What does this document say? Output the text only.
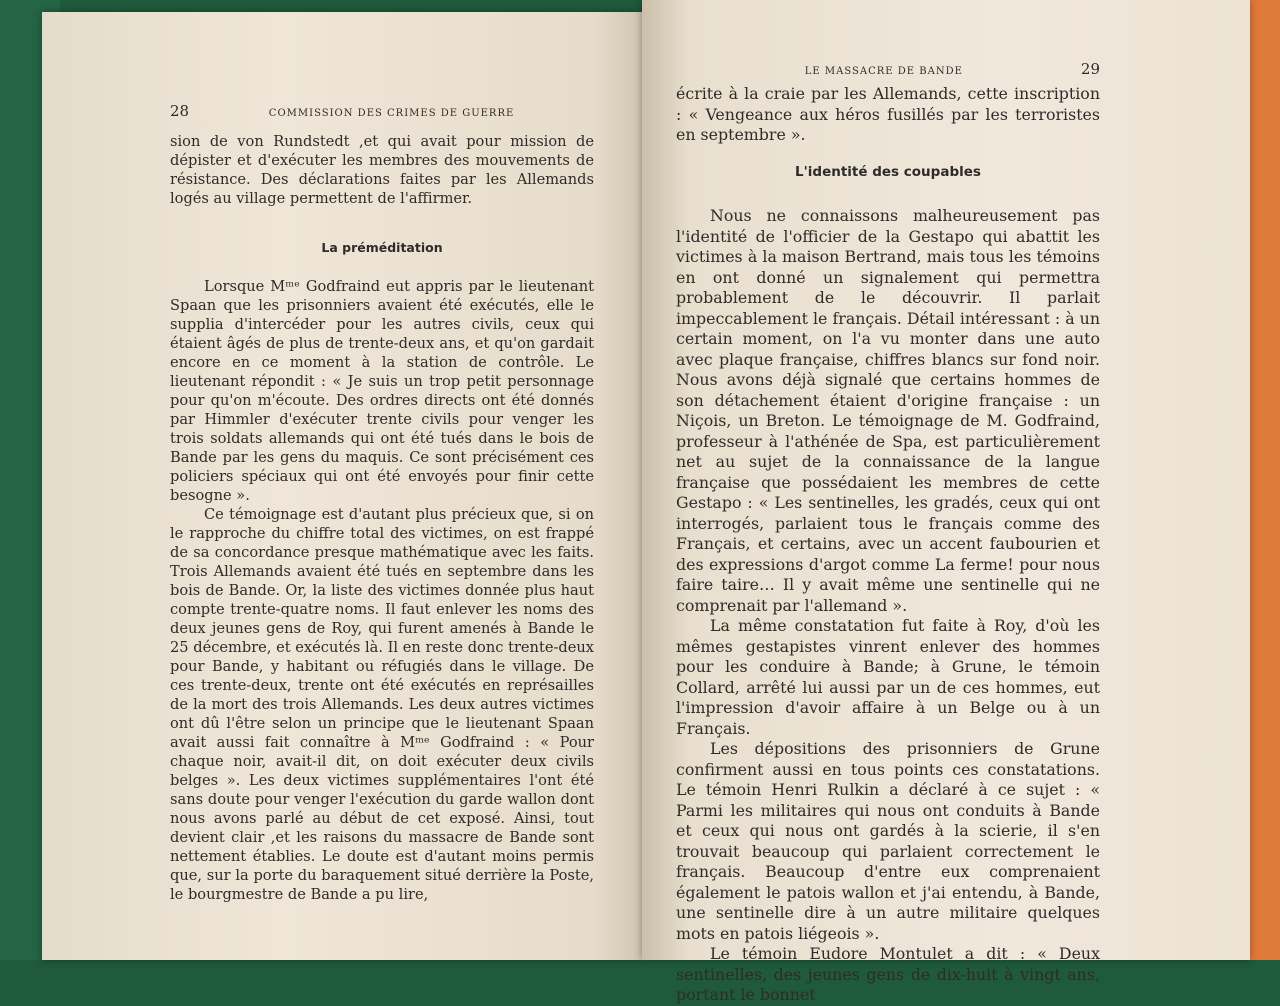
28	COMMISSION DES CRIMES DE GUERRE

sion de von Rundstedt ,et qui avait pour mission de dépister et d'exécuter les membres des mouvements de résistance. Des déclarations faites par les Allemands logés au village permettent de l'affirmer.

La préméditation

Lorsque Mᵐᵉ Godfraind eut appris par le lieutenant Spaan que les prisonniers avaient été exécutés, elle le supplia d'intercéder pour les autres civils, ceux qui étaient âgés de plus de trente-deux ans, et qu'on gardait encore en ce moment à la station de contrôle. Le lieutenant répondit : « Je suis un trop petit personnage pour qu'on m'écoute. Des ordres directs ont été donnés par Himmler d'exécuter trente civils pour venger les trois soldats allemands qui ont été tués dans le bois de Bande par les gens du maquis. Ce sont précisément ces policiers spéciaux qui ont été envoyés pour finir cette besogne ».

Ce témoignage est d'autant plus précieux que, si on le rapproche du chiffre total des victimes, on est frappé de sa concordance presque mathématique avec les faits. Trois Allemands avaient été tués en septembre dans les bois de Bande. Or, la liste des victimes donnée plus haut compte trente-quatre noms. Il faut enlever les noms des deux jeunes gens de Roy, qui furent amenés à Bande le 25 décembre, et exécutés là. Il en reste donc trente-deux pour Bande, y habitant ou réfugiés dans le village. De ces trente-deux, trente ont été exécutés en représailles de la mort des trois Allemands. Les deux autres victimes ont dû l'être selon un principe que le lieutenant Spaan avait aussi fait connaître à Mᵐᵉ Godfraind : « Pour chaque noir, avait-il dit, on doit exécuter deux civils belges ». Les deux victimes supplémentaires l'ont été sans doute pour venger l'exécution du garde wallon dont nous avons parlé au début de cet exposé. Ainsi, tout devient clair ,et les raisons du massacre de Bande sont nettement établies. Le doute est d'autant moins permis que, sur la porte du baraquement situé derrière la Poste, le bourgmestre de Bande a pu lire,

LE MASSACRE DE BANDE	29

écrite à la craie par les Allemands, cette inscription : « Vengeance aux héros fusillés par les terroristes en septembre ».

L'identité des coupables

Nous ne connaissons malheureusement pas l'identité de l'officier de la Gestapo qui abattit les victimes à la maison Bertrand, mais tous les témoins en ont donné un signalement qui permettra probablement de le découvrir. Il parlait impeccablement le français. Détail intéressant : à un certain moment, on l'a vu monter dans une auto avec plaque française, chiffres blancs sur fond noir. Nous avons déjà signalé que certains hommes de son détachement étaient d'origine française : un Niçois, un Breton. Le témoignage de M. Godfraind, professeur à l'athénée de Spa, est particulièrement net au sujet de la connaissance de la langue française que possédaient les membres de cette Gestapo : « Les sentinelles, les gradés, ceux qui ont interrogés, parlaient tous le français comme des Français, et certains, avec un accent faubourien et des expressions d'argot comme La ferme! pour nous faire taire… Il y avait même une sentinelle qui ne comprenait par l'allemand ».

La même constatation fut faite à Roy, d'où les mêmes gestapistes vinrent enlever des hommes pour les conduire à Bande; à Grune, le témoin Collard, arrêté lui aussi par un de ces hommes, eut l'impression d'avoir affaire à un Belge ou à un Français.

Les dépositions des prisonniers de Grune confirment aussi en tous points ces constatations. Le témoin Henri Rulkin a déclaré à ce sujet : « Parmi les militaires qui nous ont conduits à Bande et ceux qui nous ont gardés à la scierie, il s'en trouvait beaucoup qui parlaient correctement le français. Beaucoup d'entre eux comprenaient également le patois wallon et j'ai entendu, à Bande, une sentinelle dire à un autre militaire quelques mots en patois liégeois ».

Le témoin Eudore Montulet a dit : « Deux sentinelles, des jeunes gens de dix-huit à vingt ans, portant le bonnet
